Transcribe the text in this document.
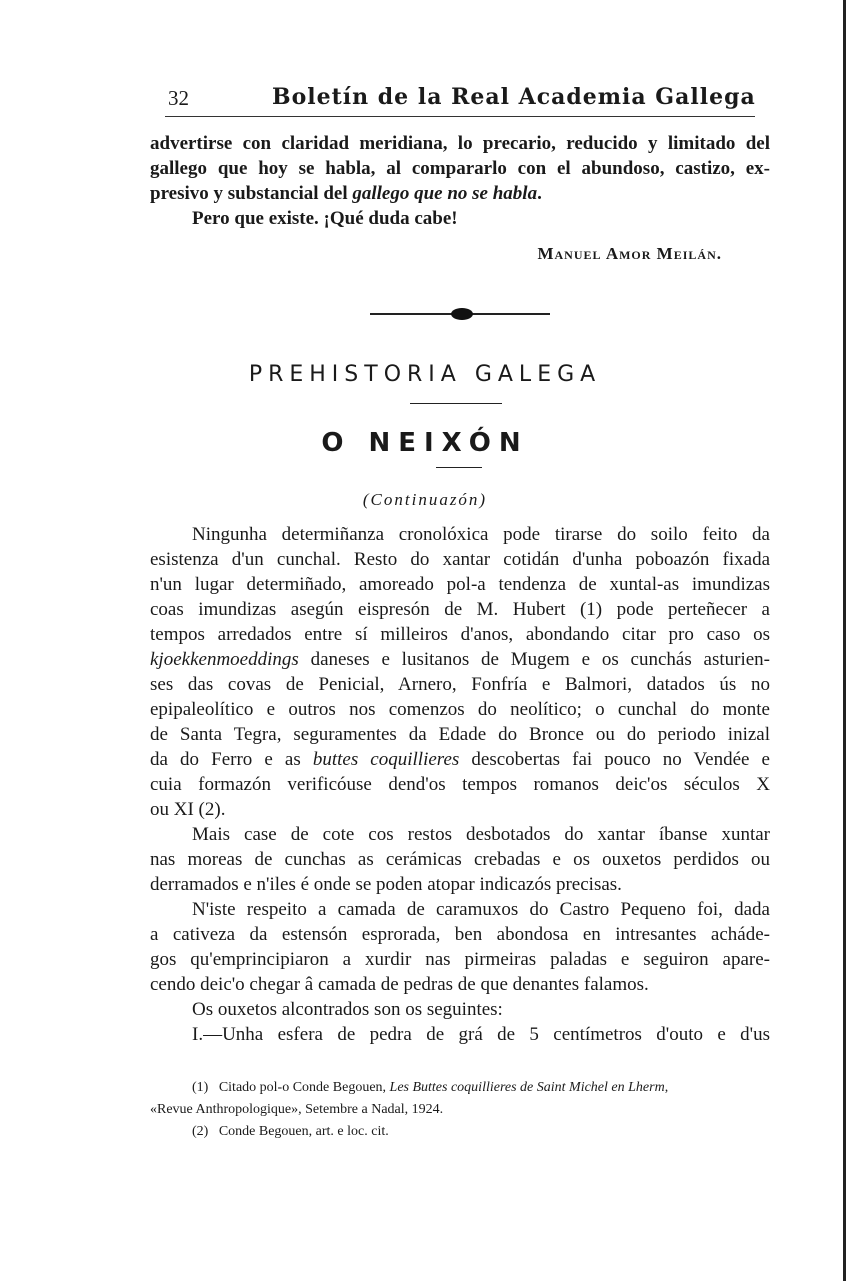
32	Boletín de la Real Academia Gallega
advertirse con claridad meridiana, lo precario, reducido y limitado del
gallego que hoy se habla, al compararlo con el abundoso, castizo, ex-
presivo y substancial del gallego que no se habla.
Pero que existe. ¡Qué duda cabe!
Manuel Amor Meilán.
PREHISTORIA GALEGA
O NEIXÓN
(Continuazón)
Ningunha determiñanza cronolóxica pode tirarse do soilo feito da
esistenza d'un cunchal. Resto do xantar cotidán d'unha poboazón fixada
n'un lugar determiñado, amoreado pol-a tendenza de xuntal-as imundizas
coas imundizas asegún eispresón de M. Hubert (1) pode perteñecer a
tempos arredados entre sí milleiros d'anos, abondando citar pro caso os
kjoekkenmoeddings daneses e lusitanos de Mugem e os cunchás asturien-
ses das covas de Penicial, Arnero, Fonfría e Balmori, datados ús no
epipaleolítico e outros nos comenzos do neolítico; o cunchal do monte
de Santa Tegra, seguramentes da Edade do Bronce ou do periodo inizal
da do Ferro e as buttes coquillieres descobertas fai pouco no Vendée e
cuia formazón verificóuse dend'os tempos romanos deic'os séculos X
ou XI (2).
Mais case de cote cos restos desbotados do xantar íbanse xuntar
nas moreas de cunchas as cerámicas crebadas e os ouxetos perdidos ou
derramados e n'iles é onde se poden atopar indicazós precisas.
N'iste respeito a camada de caramuxos do Castro Pequeno foi, dada
a cativeza da estensón esprorada, ben abondosa en intresantes achádе-
gos qu'emprincipiaron a xurdir nas pirmeiras paladas e seguiron apare-
cendo deic'o chegar â camada de pedras de que denantes falamos.
Os ouxetos alcontrados son os seguintes:
I.—Unha esfera de pedra de grá de 5 centímetros d'outo e d'us
(1) Citado pol-o Conde Begouen, Les Buttes coquillieres de Saint Michel en Lherm,
«Revue Anthropologique», Setembre a Nadal, 1924.
(2) Conde Begouen, art. e loc. cit.
